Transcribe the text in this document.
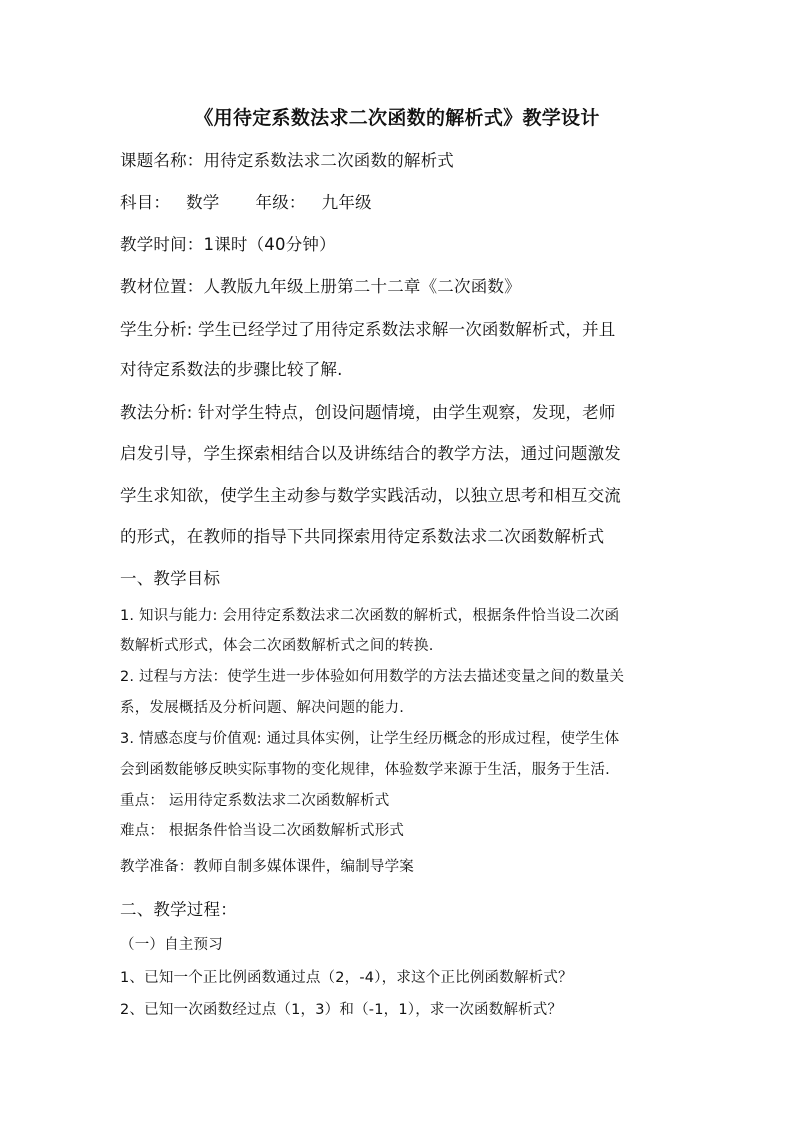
《用待定系数法求二次函数的解析式》教学设计
课题名称：用待定系数法求二次函数的解析式
科目： 数学 年级： 九年级
教学时间：1课时（40分钟）
教材位置：人教版九年级上册第二十二章《二次函数》
学生分析: 学生已经学过了用待定系数法求解一次函数解析式，并且
对待定系数法的步骤比较了解.
教法分析: 针对学生特点，创设问题情境，由学生观察，发现，老师
启发引导，学生探索相结合以及讲练结合的教学方法，通过问题激发
学生求知欲，使学生主动参与数学实践活动，以独立思考和相互交流
的形式，在教师的指导下共同探索用待定系数法求二次函数解析式
一、教学目标
1. 知识与能力: 会用待定系数法求二次函数的解析式，根据条件恰当设二次函
数解析式形式，体会二次函数解析式之间的转换.
2. 过程与方法：使学生进一步体验如何用数学的方法去描述变量之间的数量关
系，发展概括及分析问题、解决问题的能力.
3. 情感态度与价值观: 通过具体实例，让学生经历概念的形成过程，使学生体
会到函数能够反映实际事物的变化规律，体验数学来源于生活，服务于生活.
重点： 运用待定系数法求二次函数解析式
难点： 根据条件恰当设二次函数解析式形式
教学准备：教师自制多媒体课件，编制导学案
二、教学过程：
（一）自主预习
1、已知一个正比例函数通过点（2，-4），求这个正比例函数解析式？
2、已知一次函数经过点（1，3）和（-1，1），求一次函数解析式？
